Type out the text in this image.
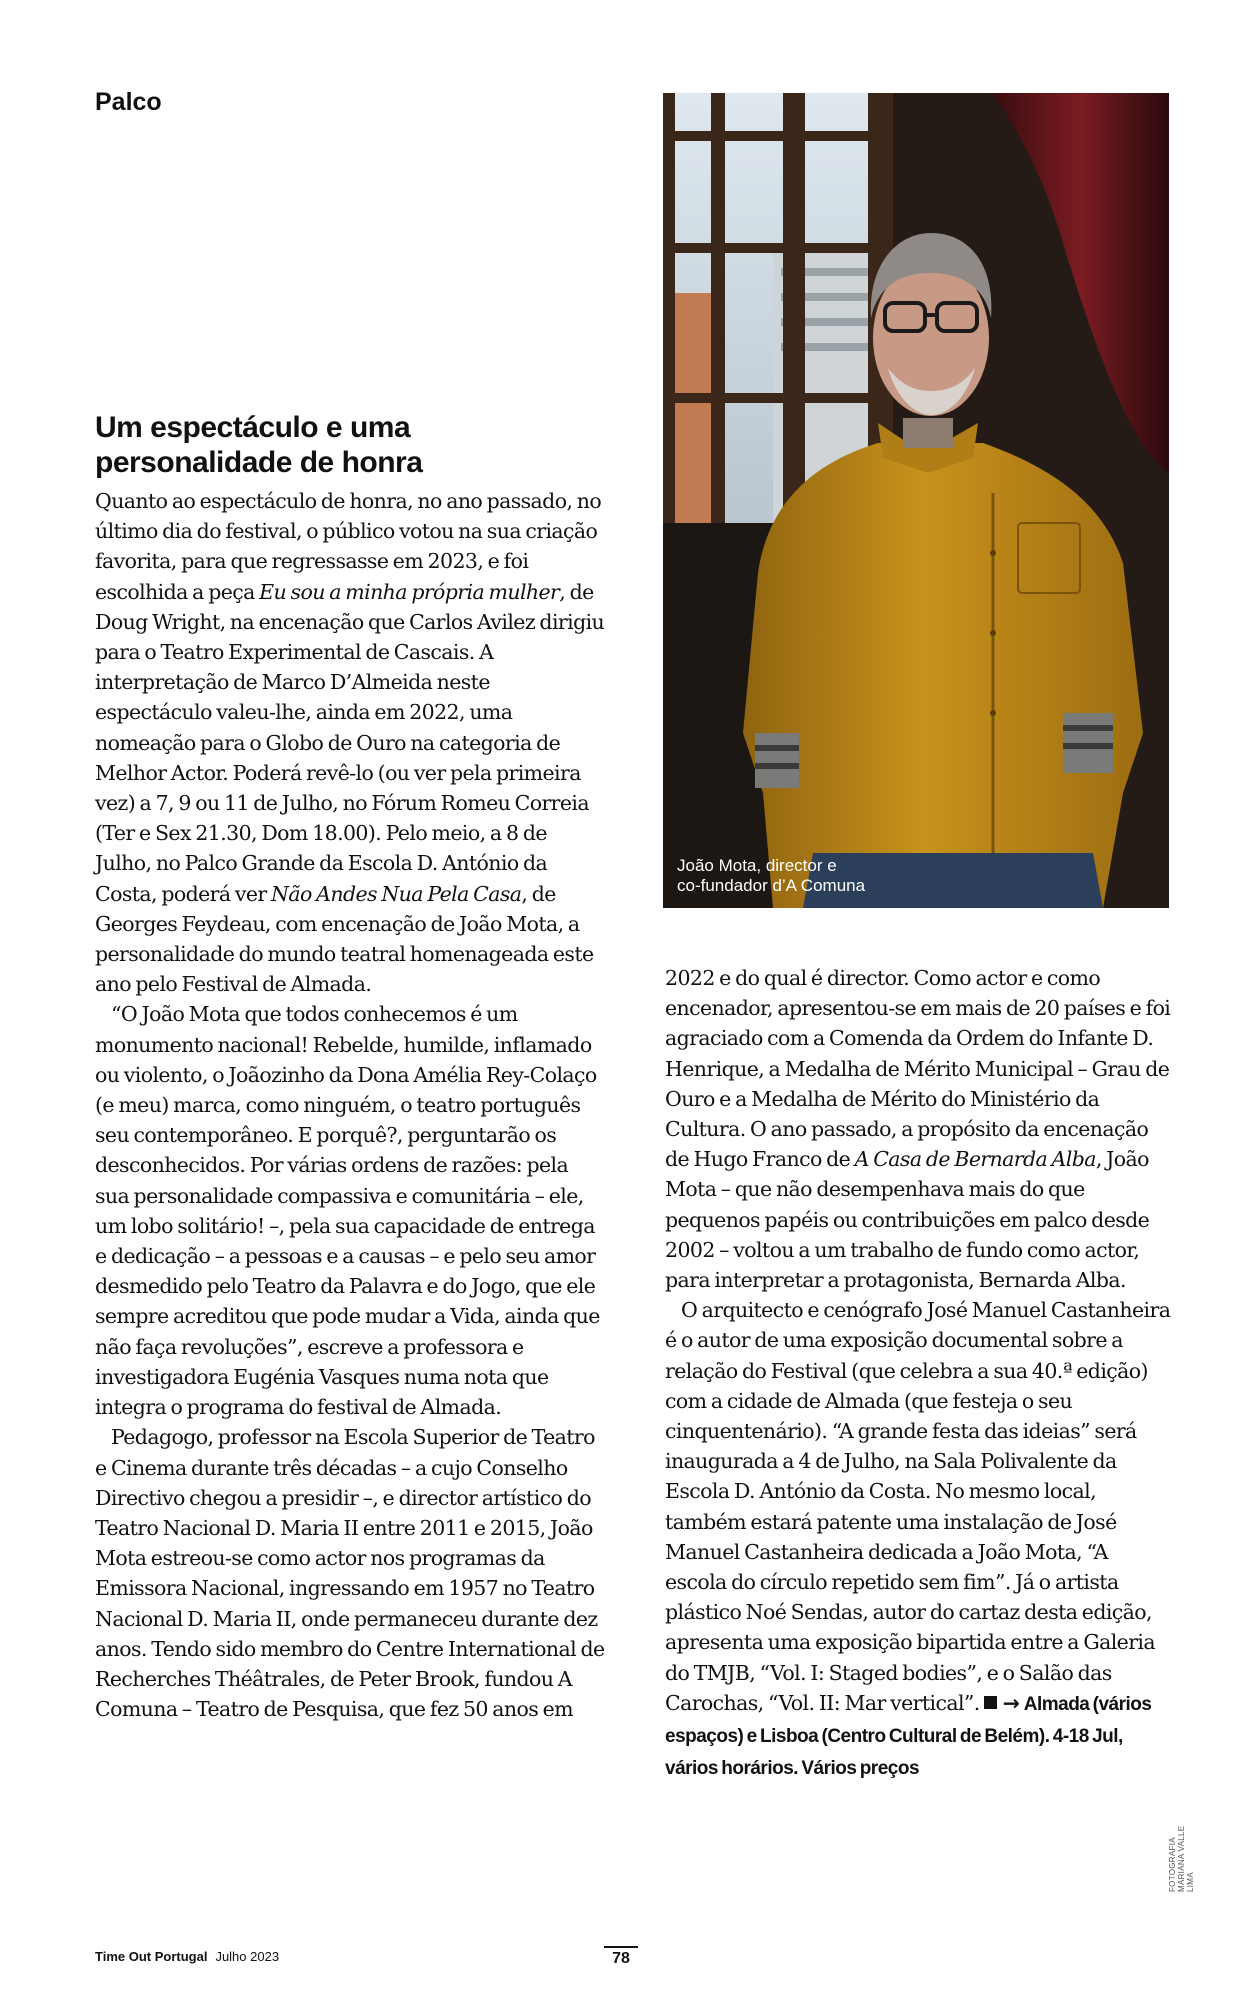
Palco
Um espectáculo e uma personalidade de honra

Quanto ao espectáculo de honra, no ano passado, no último dia do festival, o público votou na sua criação favorita, para que regressasse em 2023, e foi escolhida a peça Eu sou a minha própria mulher, de Doug Wright, na encenação que Carlos Avilez dirigiu para o Teatro Experimental de Cascais. A interpretação de Marco D’Almeida neste espectáculo valeu-lhe, ainda em 2022, uma nomeação para o Globo de Ouro na categoria de Melhor Actor. Poderá revê-lo (ou ver pela primeira vez) a 7, 9 ou 11 de Julho, no Fórum Romeu Correia (Ter e Sex 21.30, Dom 18.00). Pelo meio, a 8 de Julho, no Palco Grande da Escola D. António da Costa, poderá ver Não Andes Nua Pela Casa, de Georges Feydeau, com encenação de João Mota, a personalidade do mundo teatral homenageada este ano pelo Festival de Almada.

“O João Mota que todos conhecemos é um monumento nacional! Rebelde, humilde, inflamado ou violento, o Joãozinho da Dona Amélia Rey-Colaço (e meu) marca, como ninguém, o teatro português seu contemporâneo. E porquê?, perguntarão os desconhecidos. Por várias ordens de razões: pela sua personalidade compassiva e comunitária – ele, um lobo solitário! –, pela sua capacidade de entrega e dedicação – a pessoas e a causas – e pelo seu amor desmedido pelo Teatro da Palavra e do Jogo, que ele sempre acreditou que pode mudar a Vida, ainda que não faça revoluções”, escreve a professora e investigadora Eugénia Vasques numa nota que integra o programa do festival de Almada.

Pedagogo, professor na Escola Superior de Teatro e Cinema durante três décadas – a cujo Conselho Directivo chegou a presidir –, e director artístico do Teatro Nacional D. Maria II entre 2011 e 2015, João Mota estreou-se como actor nos programas da Emissora Nacional, ingressando em 1957 no Teatro Nacional D. Maria II, onde permaneceu durante dez anos. Tendo sido membro do Centre International de Recherches Théâtrales, de Peter Brook, fundou A Comuna – Teatro de Pesquisa, que fez 50 anos em

João Mota, director e
co-fundador d’A Comuna

2022 e do qual é director. Como actor e como encenador, apresentou-se em mais de 20 países e foi agraciado com a Comenda da Ordem do Infante D. Henrique, a Medalha de Mérito Municipal – Grau de Ouro e a Medalha de Mérito do Ministério da Cultura. O ano passado, a propósito da encenação de Hugo Franco de A Casa de Bernarda Alba, João Mota – que não desempenhava mais do que pequenos papéis ou contribuições em palco desde 2002 – voltou a um trabalho de fundo como actor, para interpretar a protagonista, Bernarda Alba.

O arquitecto e cenógrafo José Manuel Castanheira é o autor de uma exposição documental sobre a relação do Festival (que celebra a sua 40.ª edição) com a cidade de Almada (que festeja o seu cinquentenário). “A grande festa das ideias” será inaugurada a 4 de Julho, na Sala Polivalente da Escola D. António da Costa. No mesmo local, também estará patente uma instalação de José Manuel Castanheira dedicada a João Mota, “A escola do círculo repetido sem fim”. Já o artista plástico Noé Sendas, autor do cartaz desta edição, apresenta uma exposição bipartida entre a Galeria do TMJB, “Vol. I: Staged bodies”, e o Salão das Carochas, “Vol. II: Mar vertical”. → Almada (vários espaços) e Lisboa (Centro Cultural de Belém). 4-18 Jul, vários horários. Vários preços

FOTOGRAFIA MARIANA VALLE LIMA
Time Out Portugal Julho 2023	78
